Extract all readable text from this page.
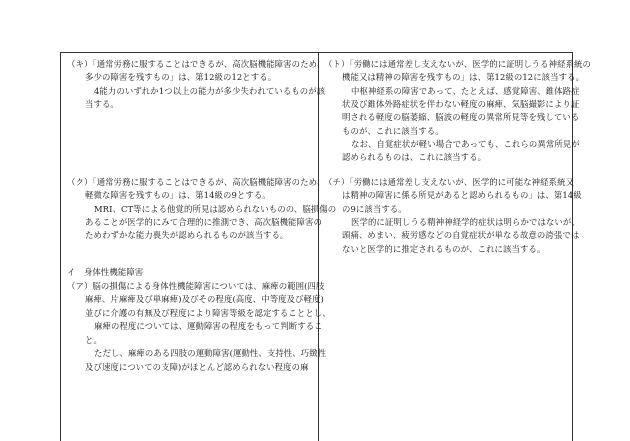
（キ）「通常労務に服することはできるが、高次脳機能障害のため、
多少の障害を残すもの」は、第12級の12とする。
4能力のいずれか1つ以上の能力が多少失われているものが該
当する。
（ク）「通常労務に服することはできるが、高次脳機能障害のため、
軽微な障害を残すもの」は、第14級の9とする。
MRI、CT等による他覚的所見は認められないものの、脳損傷の
あることが医学的にみて合理的に推測でき、高次脳機能障害の
ためわずかな能力喪失が認められるものが該当する。
イ　身体性機能障害
（ア）脳の損傷による身体性機能障害については、麻痺の範囲(四肢
麻痺、片麻痺及び単麻痺)及びその程度(高度、中等度及び軽度)
並びに介護の有無及び程度により障害等級を認定することとし、
麻痺の程度については、運動障害の程度をもって判断するこ
と。
ただし、麻痺のある四肢の運動障害(運動性、支持性、巧緻性
及び速度についての支障)がほとんど認められない程度の麻
（ト）「労働には通常差し支えないが、医学的に証明しうる神経系統の
機能又は精神の障害を残すもの」は、第12級の12に該当する。
中枢神経系の障害であって、たとえば、感覚障害、錐体路症
状及び錐体外路症状を伴わない軽度の麻痺、気脳撮影により証
明される軽度の脳萎縮、脳波の軽度の異常所見等を残している
ものが、これに該当する。
なお、自覚症状が軽い場合であっても、これらの異常所見が
認められるものは、これに該当する。
（チ）「労働には通常差し支えないが、医学的に可能な神経系統又
は精神の障害に係る所見があると認められるもの」は、第14級
の9に該当する。
医学的に証明しうる精神神経学的症状は明らかではないが、
頭痛、めまい、疲労感などの自覚症状が単なる故意の誇張では
ないと医学的に推定されるものが、これに該当する。
